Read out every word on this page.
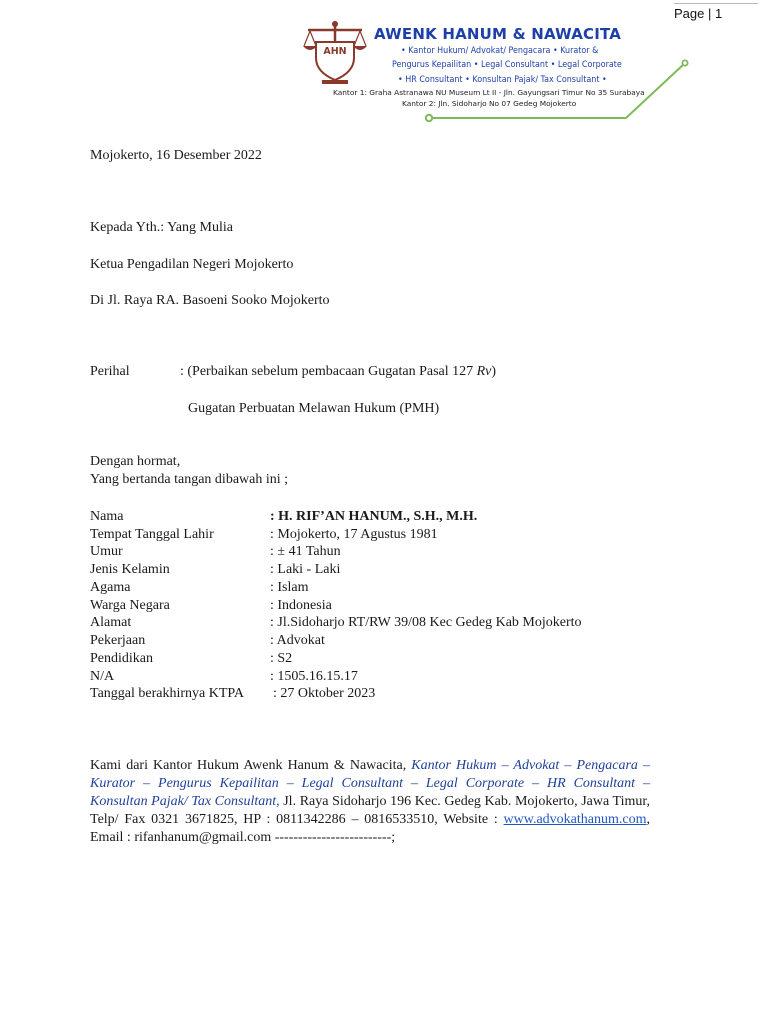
Page | 1
AHN
AWENK HANUM & NAWACITA
• Kantor Hukum/ Advokat/ Pengacara • Kurator &
Pengurus Kepailitan • Legal Consultant • Legal Corporate
• HR Consultant • Konsultan Pajak/ Tax Consultant •
Kantor 1: Graha Astranawa NU Museum Lt II - Jln. Gayungsari Timur No 35 Surabaya
Kantor 2: Jln. Sidoharjo No 07 Gedeg Mojokerto
Mojokerto, 16 Desember 2022
Kepada Yth.: Yang Mulia
Ketua Pengadilan Negeri Mojokerto
Di Jl. Raya RA. Basoeni Sooko Mojokerto
Perihal	: (Perbaikan sebelum pembacaan Gugatan Pasal 127 Rv)
Gugatan Perbuatan Melawan Hukum (PMH)
Dengan hormat,
Yang bertanda tangan dibawah ini ;
Nama	: H. RIF’AN HANUM., S.H., M.H.
Tempat Tanggal Lahir	: Mojokerto, 17 Agustus 1981
Umur	: ± 41 Tahun
Jenis Kelamin	: Laki - Laki
Agama	: Islam
Warga Negara	: Indonesia
Alamat	: Jl.Sidoharjo RT/RW 39/08 Kec Gedeg Kab Mojokerto
Pekerjaan	: Advokat
Pendidikan	: S2
N/A	: 1505.16.15.17
Tanggal berakhirnya KTPA : 27 Oktober 2023
Kami dari Kantor Hukum Awenk Hanum & Nawacita, Kantor Hukum – Advokat – Pengacara – Kurator – Pengurus Kepailitan – Legal Consultant – Legal Corporate – HR Consultant – Konsultan Pajak/ Tax Consultant, Jl. Raya Sidoharjo 196 Kec. Gedeg Kab. Mojokerto, Jawa Timur, Telp/ Fax 0321 3671825, HP : 0811342286 – 0816533510, Website : www.advokathanum.com, Email : rifanhanum@gmail.com -------------------------;
